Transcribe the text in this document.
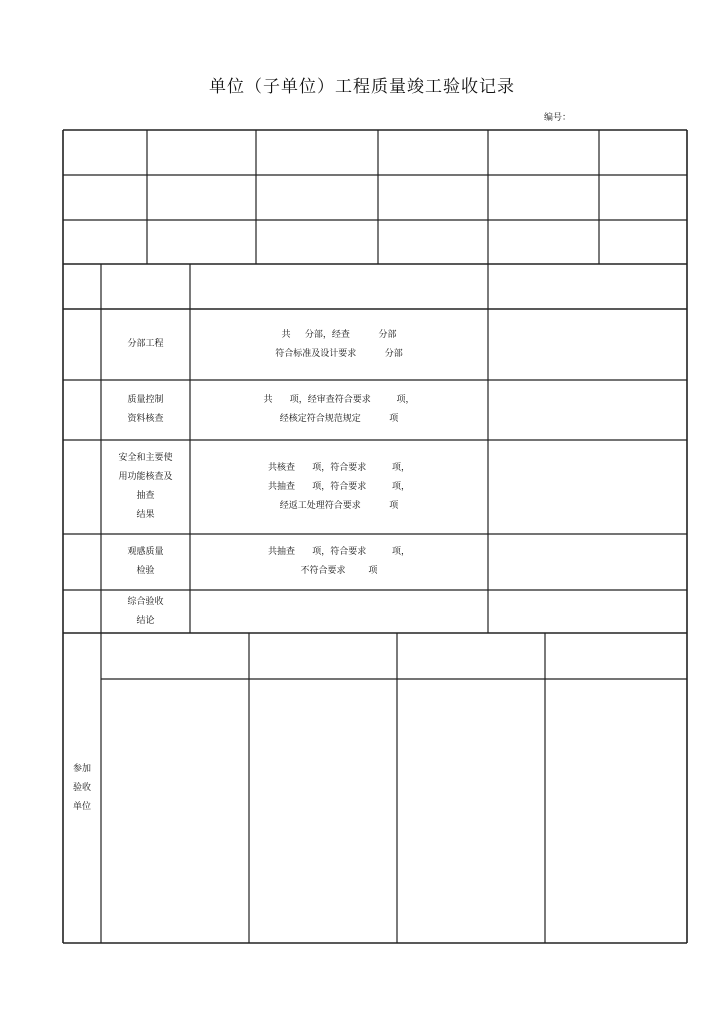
单位（子单位）工程质量竣工验收记录
编号：
分部工程
共     分部，经查          分部
符合标准及设计要求          分部
质量控制
资料核查
共      项，经审查符合要求         项，
经核定符合规范规定          项
安全和主要使
用功能核查及
抽查
结果
共核查      项，符合要求         项，
共抽查      项，符合要求         项，
经返工处理符合要求          项
观感质量
检验
共抽查      项，符合要求         项，
不符合要求        项
综合验收
结论
参加
验收
单位
